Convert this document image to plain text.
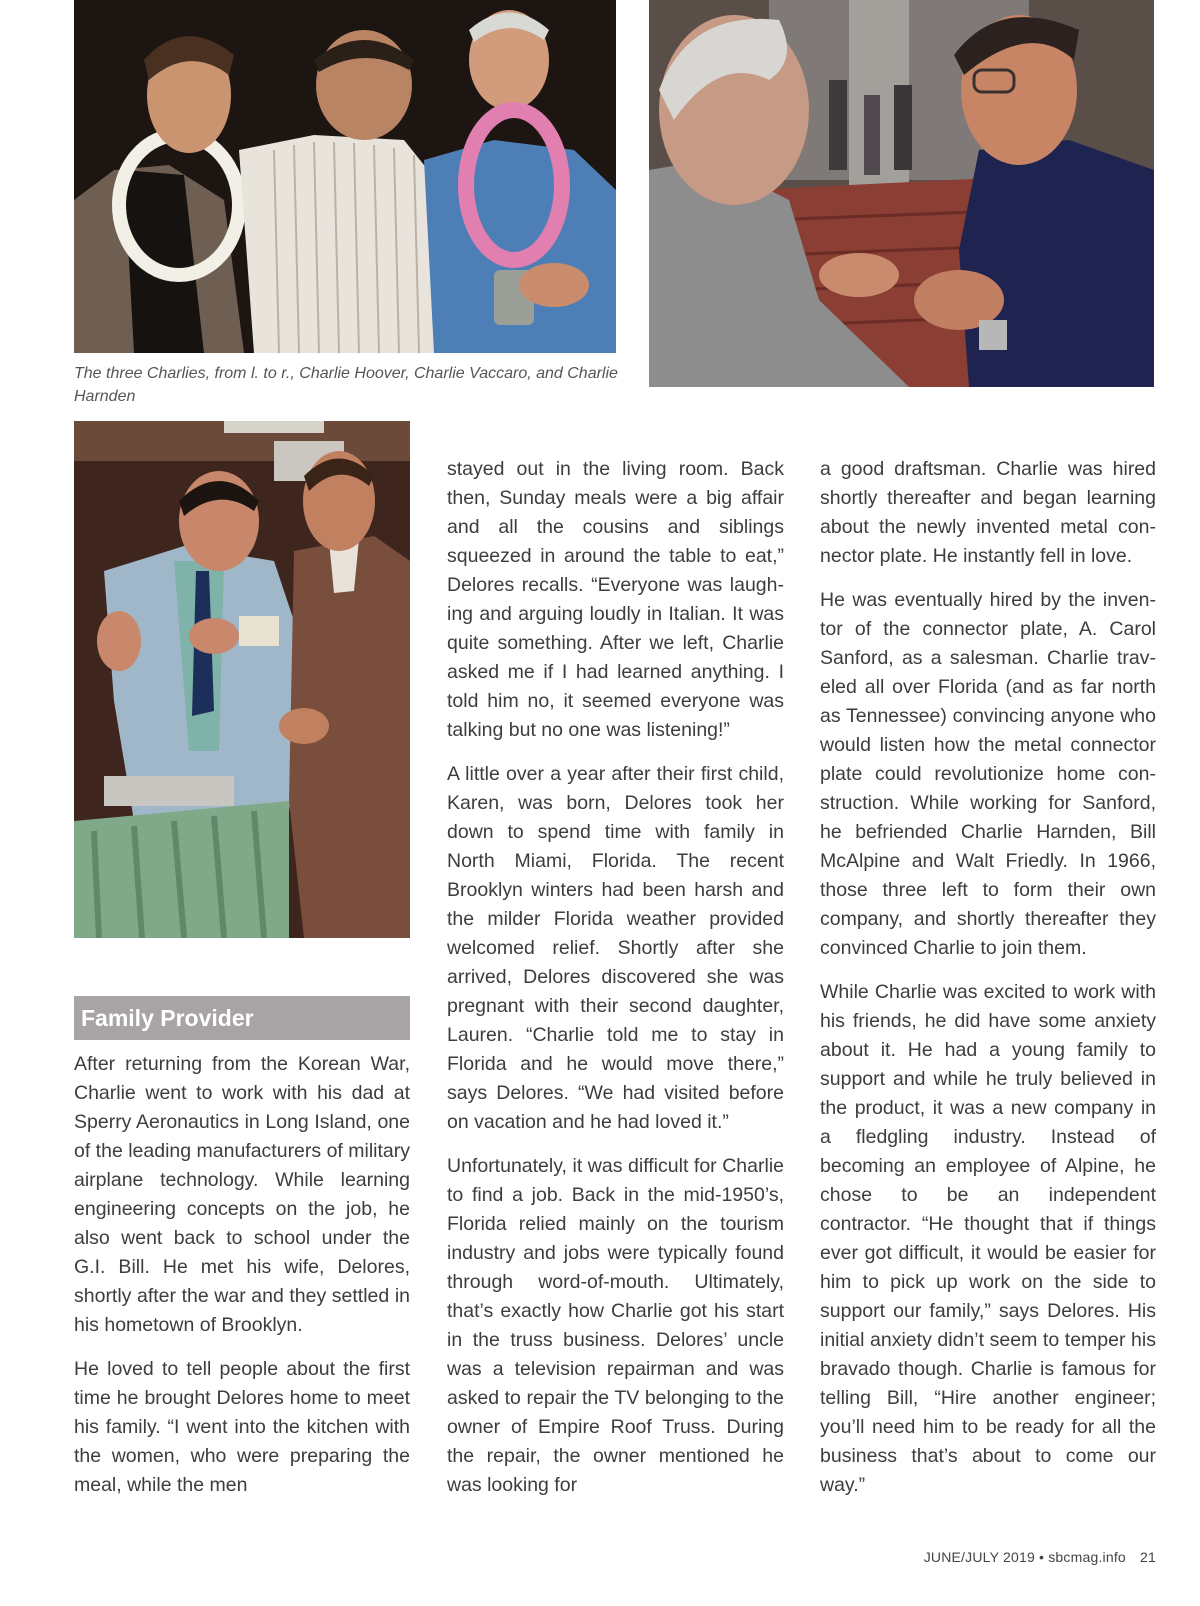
The three Charlies, from l. to r., Charlie Hoover, Charlie Vaccaro, and Charlie Harnden
Family Provider

After returning from the Korean War, Charlie went to work with his dad at Sperry Aeronautics in Long Island, one of the leading manufacturers of military airplane technology. While learning engineering concepts on the job, he also went back to school under the G.I. Bill. He met his wife, Delores, shortly after the war and they settled in his hometown of Brooklyn.

He loved to tell people about the first time he brought Delores home to meet his family. “I went into the kitchen with the women, who were preparing the meal, while the men

stayed out in the living room. Back then, Sunday meals were a big affair and all the cousins and siblings squeezed in around the table to eat,” Delores recalls. “Everyone was laughing and arguing loudly in Italian. It was quite something. After we left, Charlie asked me if I had learned anything. I told him no, it seemed everyone was talking but no one was listening!”

A little over a year after their first child, Karen, was born, Delores took her down to spend time with family in North Miami, Florida. The recent Brooklyn winters had been harsh and the milder Florida weather provided welcomed relief. Shortly after she arrived, Delores discovered she was pregnant with their second daughter, Lauren. “Charlie told me to stay in Florida and he would move there,” says Delores. “We had visited before on vacation and he had loved it.”

Unfortunately, it was difficult for Charlie to find a job. Back in the mid-1950’s, Florida relied mainly on the tourism industry and jobs were typically found through word-of-mouth. Ultimately, that’s exactly how Charlie got his start in the truss business. Delores’ uncle was a television repairman and was asked to repair the TV belonging to the owner of Empire Roof Truss. During the repair, the owner mentioned he was looking for

a good draftsman. Charlie was hired shortly thereafter and began learning about the newly invented metal connector plate. He instantly fell in love.

He was eventually hired by the inventor of the connector plate, A. Carol Sanford, as a salesman. Charlie traveled all over Florida (and as far north as Tennessee) convincing anyone who would listen how the metal connector plate could revolutionize home construction. While working for Sanford, he befriended Charlie Harnden, Bill McAlpine and Walt Friedly. In 1966, those three left to form their own company, and shortly thereafter they convinced Charlie to join them.

While Charlie was excited to work with his friends, he did have some anxiety about it. He had a young family to support and while he truly believed in the product, it was a new company in a fledgling industry. Instead of becoming an employee of Alpine, he chose to be an independent contractor. “He thought that if things ever got difficult, it would be easier for him to pick up work on the side to support our family,” says Delores. His initial anxiety didn’t seem to temper his bravado though. Charlie is famous for telling Bill, “Hire another engineer; you’ll need him to be ready for all the business that’s about to come our way.”

JUNE/JULY 2019 • sbcmag.info 21
